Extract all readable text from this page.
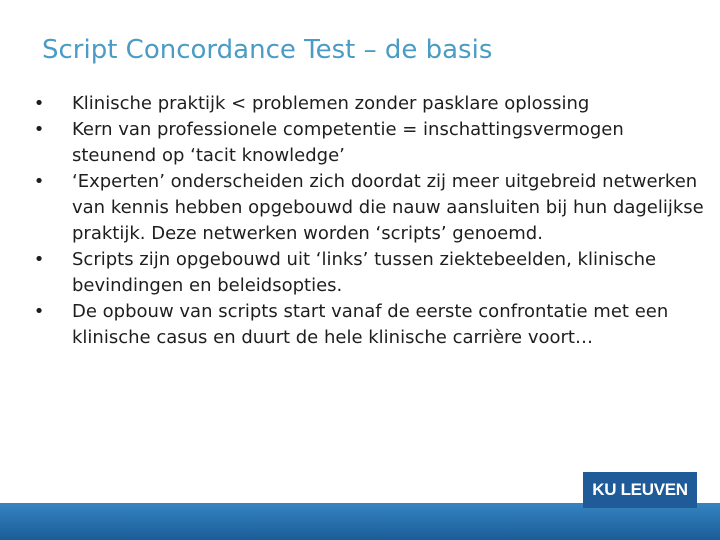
Script Concordance Test – de basis
• Klinische praktijk < problemen zonder pasklare oplossing
• Kern van professionele competentie = inschattingsvermogen steunend op ‘tacit knowledge’
• ‘Experten’ onderscheiden zich doordat zij meer uitgebreid netwerken van kennis hebben opgebouwd die nauw aansluiten bij hun dagelijkse praktijk. Deze netwerken worden ‘scripts’ genoemd.
• Scripts zijn opgebouwd uit ‘links’ tussen ziektebeelden, klinische bevindingen en beleidsopties.
• De opbouw van scripts start vanaf de eerste confrontatie met een klinische casus en duurt de hele klinische carrière voort…
KU LEUVEN
